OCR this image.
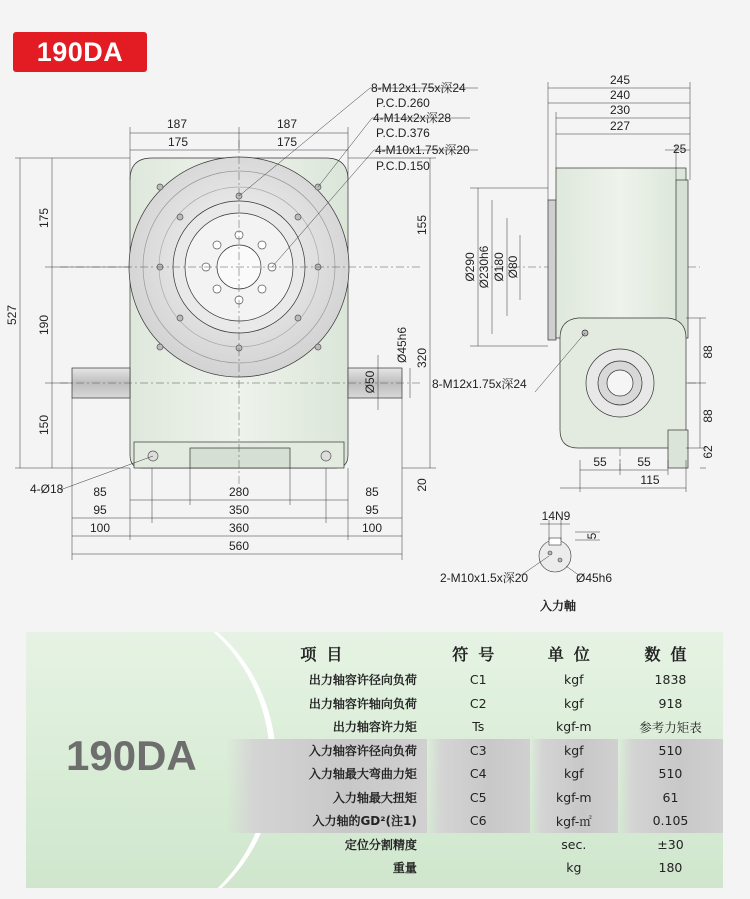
190DA
8-M12x1.75x深24
P.C.D.260
4-M14x2x深28
P.C.D.376
4-M10x1.75x深20
P.C.D.150
187	187
175	175
527
175
190
150
155
Ø45h6 320
Ø50
20
4-Ø18 85	280	85
95	350	95
100	360	100
560
245
240
230
227
25
Ø290 Ø230h6 Ø180 Ø80
8-M12x1.75x深24
88
88
62
55	55
115
14N9
5
2-M10x1.5x深20	Ø45h6
入力軸
190DA
项目	符号	单位	数值
出力轴容许径向负荷	C1	kgf	1838
出力轴容许轴向负荷	C2	kgf	918
出力轴容许力矩	Ts	kgf-m	参考力矩表
入力轴容许径向负荷	C3	kgf	510
入力轴最大弯曲力矩	C4	kgf	510
入力轴最大扭矩	C5	kgf-m	61
入力轴的GD²(注1)	C6	kgf-㎡	0.105
定位分割精度		sec.	±30
重量		kg	180
